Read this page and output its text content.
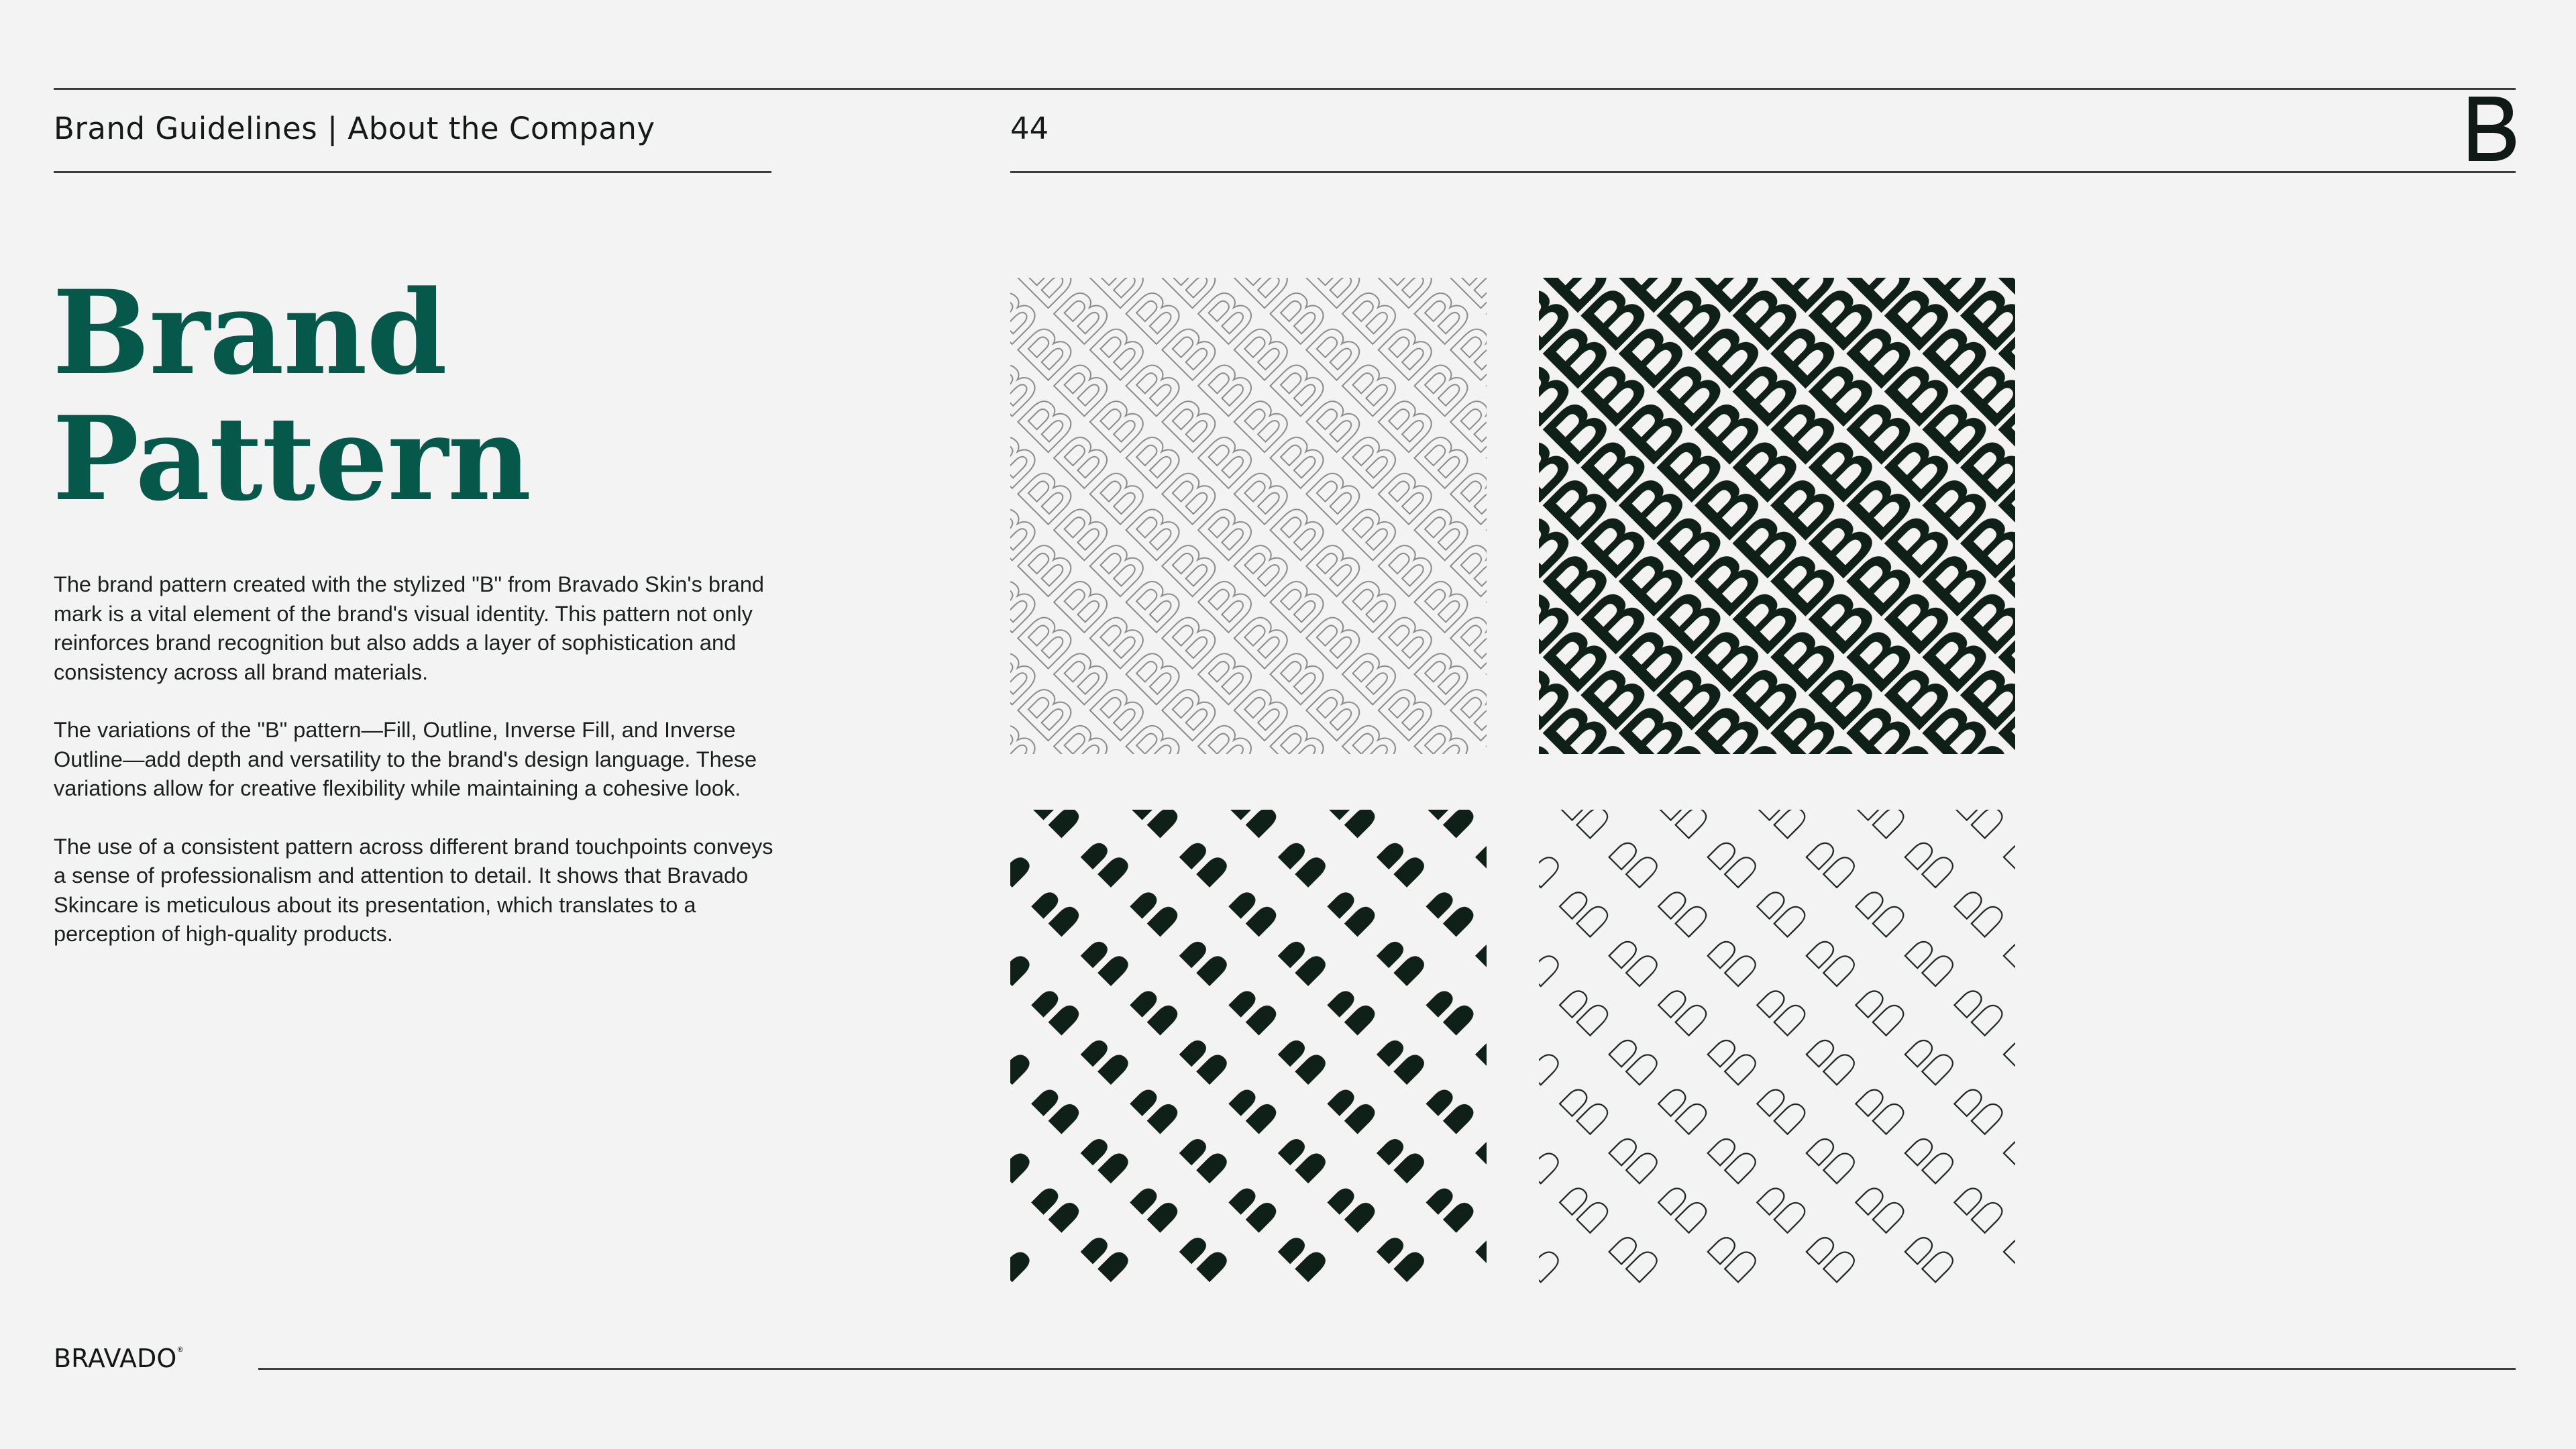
Brand Guidelines | About the Company	44
Brand
Pattern

The brand pattern created with the stylized "B" from Bravado Skin's brand mark is a vital element of the brand's visual identity. This pattern not only reinforces brand recognition but also adds a layer of sophistication and consistency across all brand materials.

The variations of the "B" pattern—Fill, Outline, Inverse Fill, and Inverse Outline—add depth and versatility to the brand's design language. These variations allow for creative flexibility while maintaining a cohesive look.

The use of a consistent pattern across different brand touchpoints conveys a sense of professionalism and attention to detail. It shows that Bravado Skincare is meticulous about its presentation, which translates to a perception of high-quality products.

BRAVADO®
